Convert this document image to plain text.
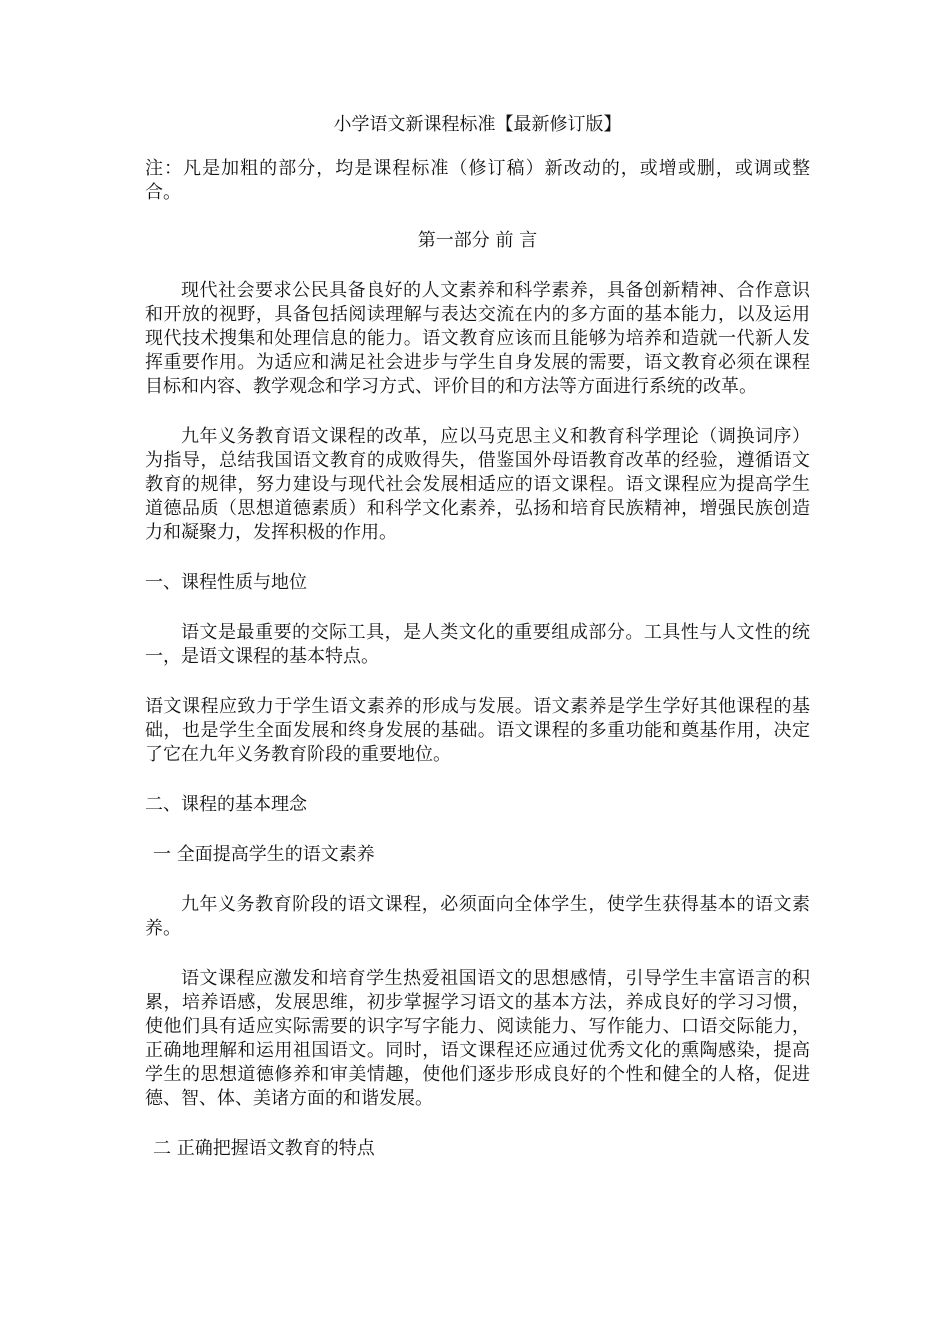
小学语文新课程标准【最新修订版】

注：凡是加粗的部分，均是课程标准（修订稿）新改动的，或增或删，或调或整合。

第一部分 前 言

现代社会要求公民具备良好的人文素养和科学素养，具备创新精神、合作意识和开放的视野，具备包括阅读理解与表达交流在内的多方面的基本能力，以及运用现代技术搜集和处理信息的能力。语文教育应该而且能够为培养和造就一代新人发挥重要作用。为适应和满足社会进步与学生自身发展的需要，语文教育必须在课程目标和内容、教学观念和学习方式、评价目的和方法等方面进行系统的改革。

九年义务教育语文课程的改革，应以马克思主义和教育科学理论（调换词序）为指导，总结我国语文教育的成败得失，借鉴国外母语教育改革的经验，遵循语文教育的规律，努力建设与现代社会发展相适应的语文课程。语文课程应为提高学生道德品质（思想道德素质）和科学文化素养，弘扬和培育民族精神，增强民族创造力和凝聚力，发挥积极的作用。

一、课程性质与地位

语文是最重要的交际工具，是人类文化的重要组成部分。工具性与人文性的统一，是语文课程的基本特点。

语文课程应致力于学生语文素养的形成与发展。语文素养是学生学好其他课程的基础，也是学生全面发展和终身发展的基础。语文课程的多重功能和奠基作用，决定了它在九年义务教育阶段的重要地位。

二、课程的基本理念

一 全面提高学生的语文素养

九年义务教育阶段的语文课程，必须面向全体学生，使学生获得基本的语文素养。

语文课程应激发和培育学生热爱祖国语文的思想感情，引导学生丰富语言的积累，培养语感，发展思维，初步掌握学习语文的基本方法，养成良好的学习习惯，使他们具有适应实际需要的识字写字能力、阅读能力、写作能力、口语交际能力，正确地理解和运用祖国语文。同时，语文课程还应通过优秀文化的熏陶感染，提高学生的思想道德修养和审美情趣，使他们逐步形成良好的个性和健全的人格，促进德、智、体、美诸方面的和谐发展。

二 正确把握语文教育的特点
